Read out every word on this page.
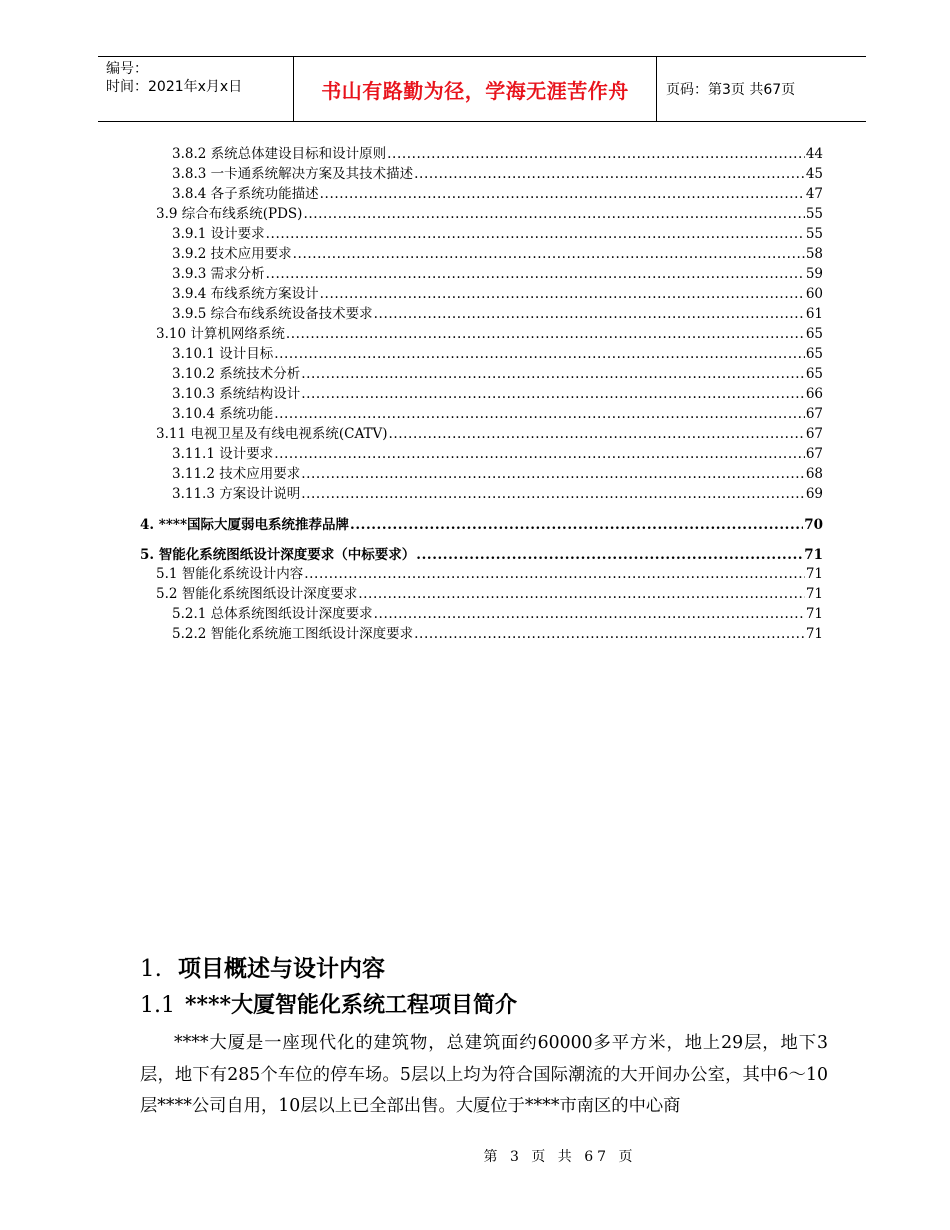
编号：
时间：2021年x月x日	书山有路勤为径，学海无涯苦作舟	页码：第3页 共67页
3.8.2 系统总体建设目标和设计原则 .....	44
3.8.3 一卡通系统解决方案及其技术描述 .....	45
3.8.4 各子系统功能描述 .....	47
3.9 综合布线系统(PDS) .....	55
3.9.1 设计要求 .....	55
3.9.2 技术应用要求 .....	58
3.9.3 需求分析 .....	59
3.9.4 布线系统方案设计 .....	60
3.9.5 综合布线系统设备技术要求 .....	61
3.10 计算机网络系统 .....	65
3.10.1 设计目标 .....	65
3.10.2 系统技术分析 .....	65
3.10.3 系统结构设计 .....	66
3.10.4 系统功能 .....	67
3.11 电视卫星及有线电视系统(CATV) .....	67
3.11.1 设计要求 .....	67
3.11.2 技术应用要求 .....	68
3.11.3 方案设计说明 .....	69
4. ****国际大厦弱电系统推荐品牌 .....	70
5. 智能化系统图纸设计深度要求（中标要求） .....	71
5.1 智能化系统设计内容 .....	71
5.2 智能化系统图纸设计深度要求 .....	71
5.2.1 总体系统图纸设计深度要求 .....	71
5.2.2 智能化系统施工图纸设计深度要求 .....	71
1. 项目概述与设计内容
1.1 ****大厦智能化系统工程项目简介
****大厦是一座现代化的建筑物，总建筑面约60000多平方米，地上29层，地下3层，地下有285个车位的停车场。5层以上均为符合国际潮流的大开间办公室，其中6～10层****公司自用，10层以上已全部出售。大厦位于****市南区的中心商
第 3 页 共 67 页
